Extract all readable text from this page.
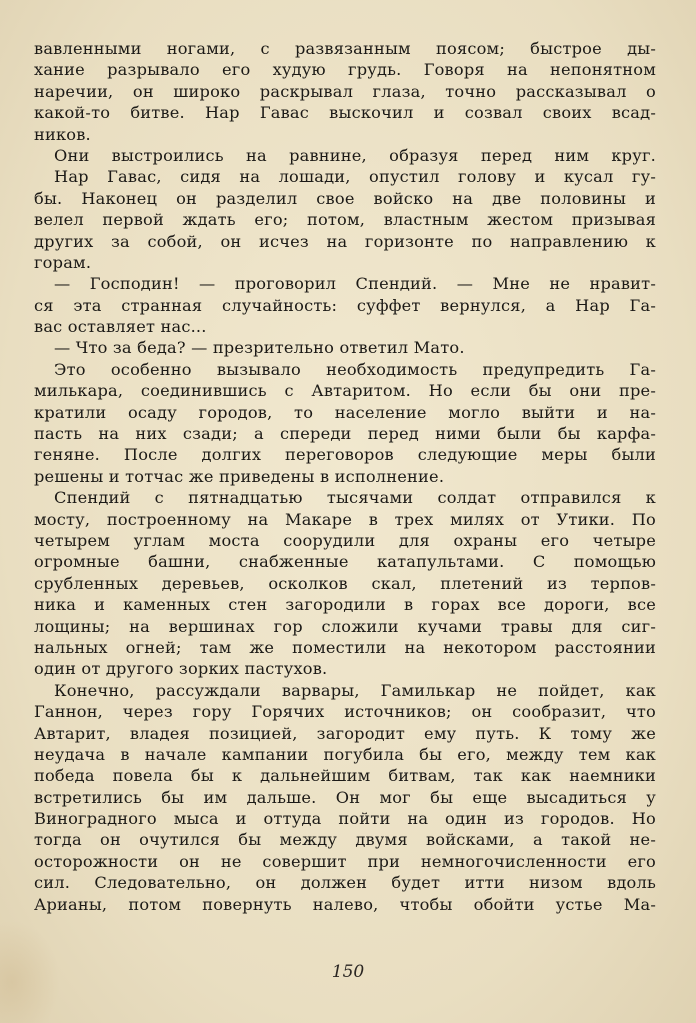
вавленными ногами, с развязанным поясом; быстрое ды-
хание разрывало его худую грудь. Говоря на непонятном
наречии, он широко раскрывал глаза, точно рассказывал о
какой-то битве. Нар Гавас выскочил и созвал своих всад-
ников.
Они выстроились на равнине, образуя перед ним круг.
Нар Гавас, сидя на лошади, опустил голову и кусал гу-
бы. Наконец он разделил свое войско на две половины и
велел первой ждать его; потом, властным жестом призывая
других за собой, он исчез на горизонте по направлению к
горам.
— Господин! — проговорил Спендий. — Мне не нравит-
ся эта странная случайность: суффет вернулся, а Нар Га-
вас оставляет нас...
— Что за беда? — презрительно ответил Мато.
Это особенно вызывало необходимость предупредить Га-
милькара, соединившись с Автаритом. Но если бы они пре-
кратили осаду городов, то население могло выйти и на-
пасть на них сзади; а спереди перед ними были бы карфа-
геняне. После долгих переговоров следующие меры были
решены и тотчас же приведены в исполнение.
Спендий с пятнадцатью тысячами солдат отправился к
мосту, построенному на Макаре в трех милях от Утики. По
четырем углам моста соорудили для охраны его четыре
огромные башни, снабженные катапультами. С помощью
срубленных деревьев, осколков скал, плетений из терпов-
ника и каменных стен загородили в горах все дороги, все
лощины; на вершинах гор сложили кучами травы для сиг-
нальных огней; там же поместили на некотором расстоянии
один от другого зорких пастухов.
Конечно, рассуждали варвары, Гамилькар не пойдет, как
Ганнон, через гору Горячих источников; он сообразит, что
Автарит, владея позицией, загородит ему путь. К тому же
неудача в начале кампании погубила бы его, между тем как
победа повела бы к дальнейшим битвам, так как наемники
встретились бы им дальше. Он мог бы еще высадиться у
Виноградного мыса и оттуда пойти на один из городов. Но
тогда он очутился бы между двумя войсками, а такой не-
осторожности он не совершит при немногочисленности его
сил. Следовательно, он должен будет итти низом вдоль
Арианы, потом повернуть налево, чтобы обойти устье Ма-
150
